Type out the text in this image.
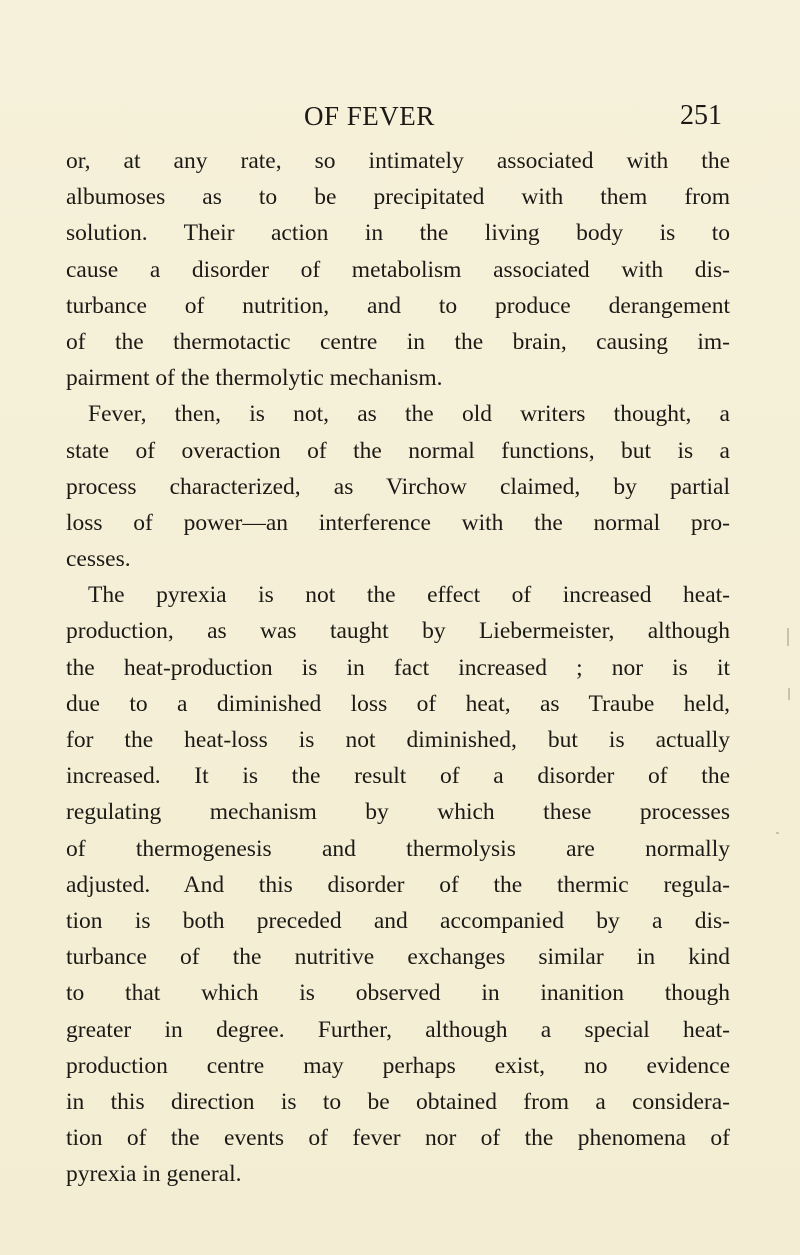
OF FEVER	251
or, at any rate, so intimately associated with the
albumoses as to be precipitated with them from
solution. Their action in the living body is to
cause a disorder of metabolism associated with dis-
turbance of nutrition, and to produce derangement
of the thermotactic centre in the brain, causing im-
pairment of the thermolytic mechanism.
Fever, then, is not, as the old writers thought, a
state of overaction of the normal functions, but is a
process characterized, as Virchow claimed, by partial
loss of power—an interference with the normal pro-
cesses.
The pyrexia is not the effect of increased heat-
production, as was taught by Liebermeister, although
the heat-production is in fact increased ; nor is it
due to a diminished loss of heat, as Traube held,
for the heat-loss is not diminished, but is actually
increased. It is the result of a disorder of the
regulating mechanism by which these processes
of thermogenesis and thermolysis are normally
adjusted. And this disorder of the thermic regula-
tion is both preceded and accompanied by a dis-
turbance of the nutritive exchanges similar in kind
to that which is observed in inanition though
greater in degree. Further, although a special heat-
production centre may perhaps exist, no evidence
in this direction is to be obtained from a considera-
tion of the events of fever nor of the phenomena of
pyrexia in general.
